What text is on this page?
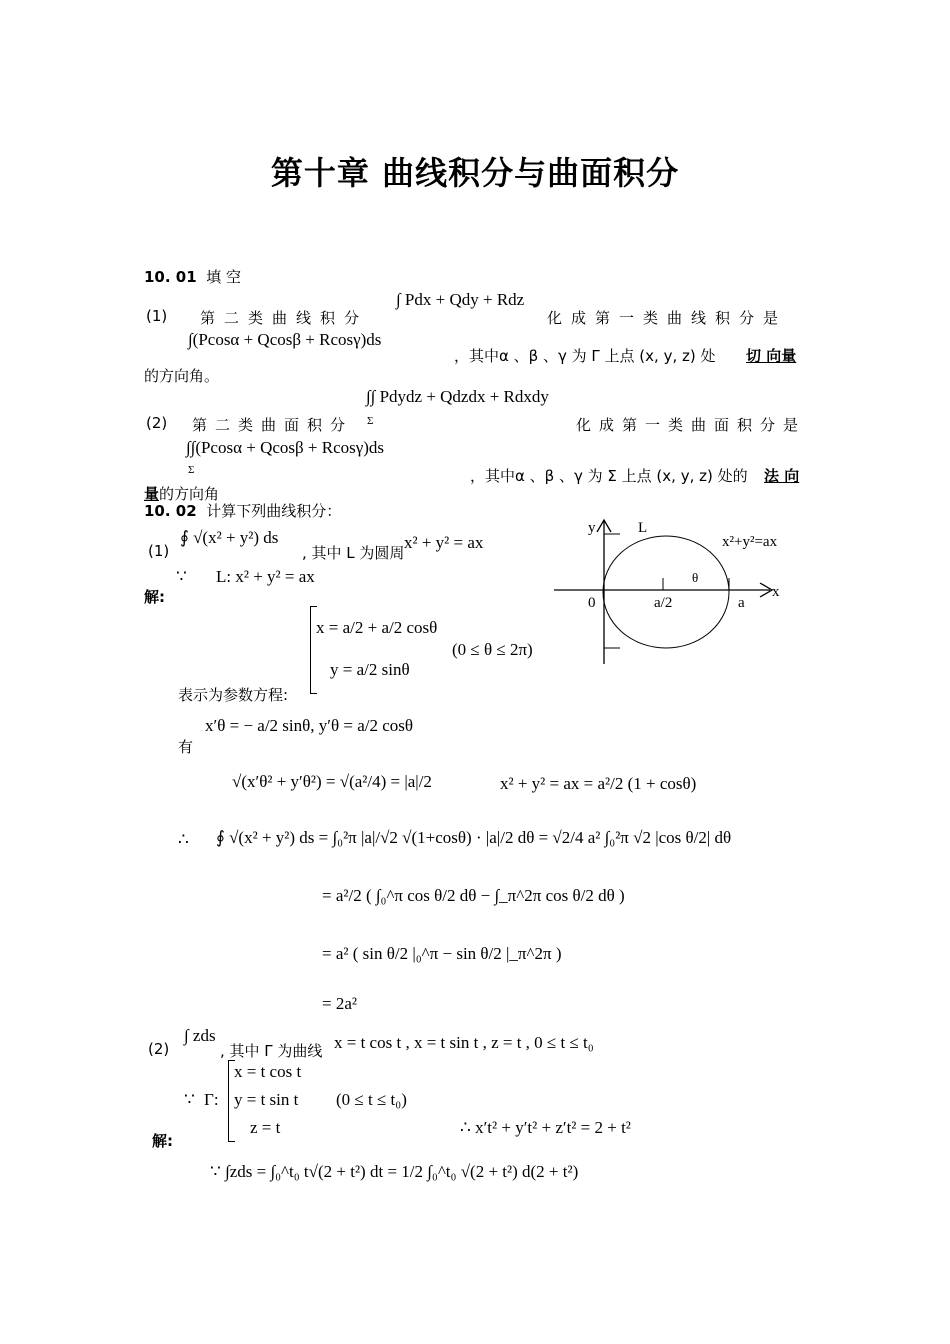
第十章 曲线积分与曲面积分
10. 01 填 空
(1) 第二类曲线积分
∫ Pdx + Qdy + Rdz
化成第一类曲线积分是
∫(Pcosα + Qcosβ + Rcosγ)ds
，其中α 、β 、γ 为 Γ 上点 (x, y, z) 处 切 向量
的方向角。
∫∫ Pdydz + Qdzdx + Rdxdy
Σ
(2) 第二类曲面积分	化成第一类曲面积分是
∫∫(Pcosα + Qcosβ + Rcosγ)ds
Σ	，其中α 、β 、γ 为 Σ 上点 (x, y, z) 处的 法 向
量的方向角
10. 02 计算下列曲线积分：
(1)
∮ √(x² + y²) ds
, 其中 L 为圆周
x² + y² = ax
∵ L: x² + y² = ax
解:
x = a/2 + a/2 cosθ
y = a/2 sinθ
(0 ≤ θ ≤ 2π)
表示为参数方程:
有
x′θ = − a/2 sinθ, y′θ = a/2 cosθ
√(x′θ² + y′θ²) = √(a²/4) = |a|/2	x² + y² = ax = a²/2 (1 + cosθ)
∴ ∮ √(x² + y²) ds = ∫₀²π |a|/√2 √(1+cosθ) · |a|/2 dθ = √2/4 a² ∫₀²π √2 |cos θ/2| dθ
= a²/2 ( ∫₀^π cos θ/2 dθ − ∫_π^2π cos θ/2 dθ )
= a² ( sin θ/2 |₀^π − sin θ/2 |_π^2π )
= 2a²
(2)
∫ zds
, 其中 Γ 为曲线 x = t cos t , x = t sin t , z = t , 0 ≤ t ≤ t₀
∵ Γ:
x = t cos t
y = t sin t
z = t
(0 ≤ t ≤ t₀)
解:
∴ x′t² + y′t² + z′t² = 2 + t²
∵ ∫zds = ∫₀^t₀ t√(2 + t²) dt = 1/2 ∫₀^t₀ √(2 + t²) d(2 + t²)
y
x
L
x²+y²=ax
θ
0	a/2	a
